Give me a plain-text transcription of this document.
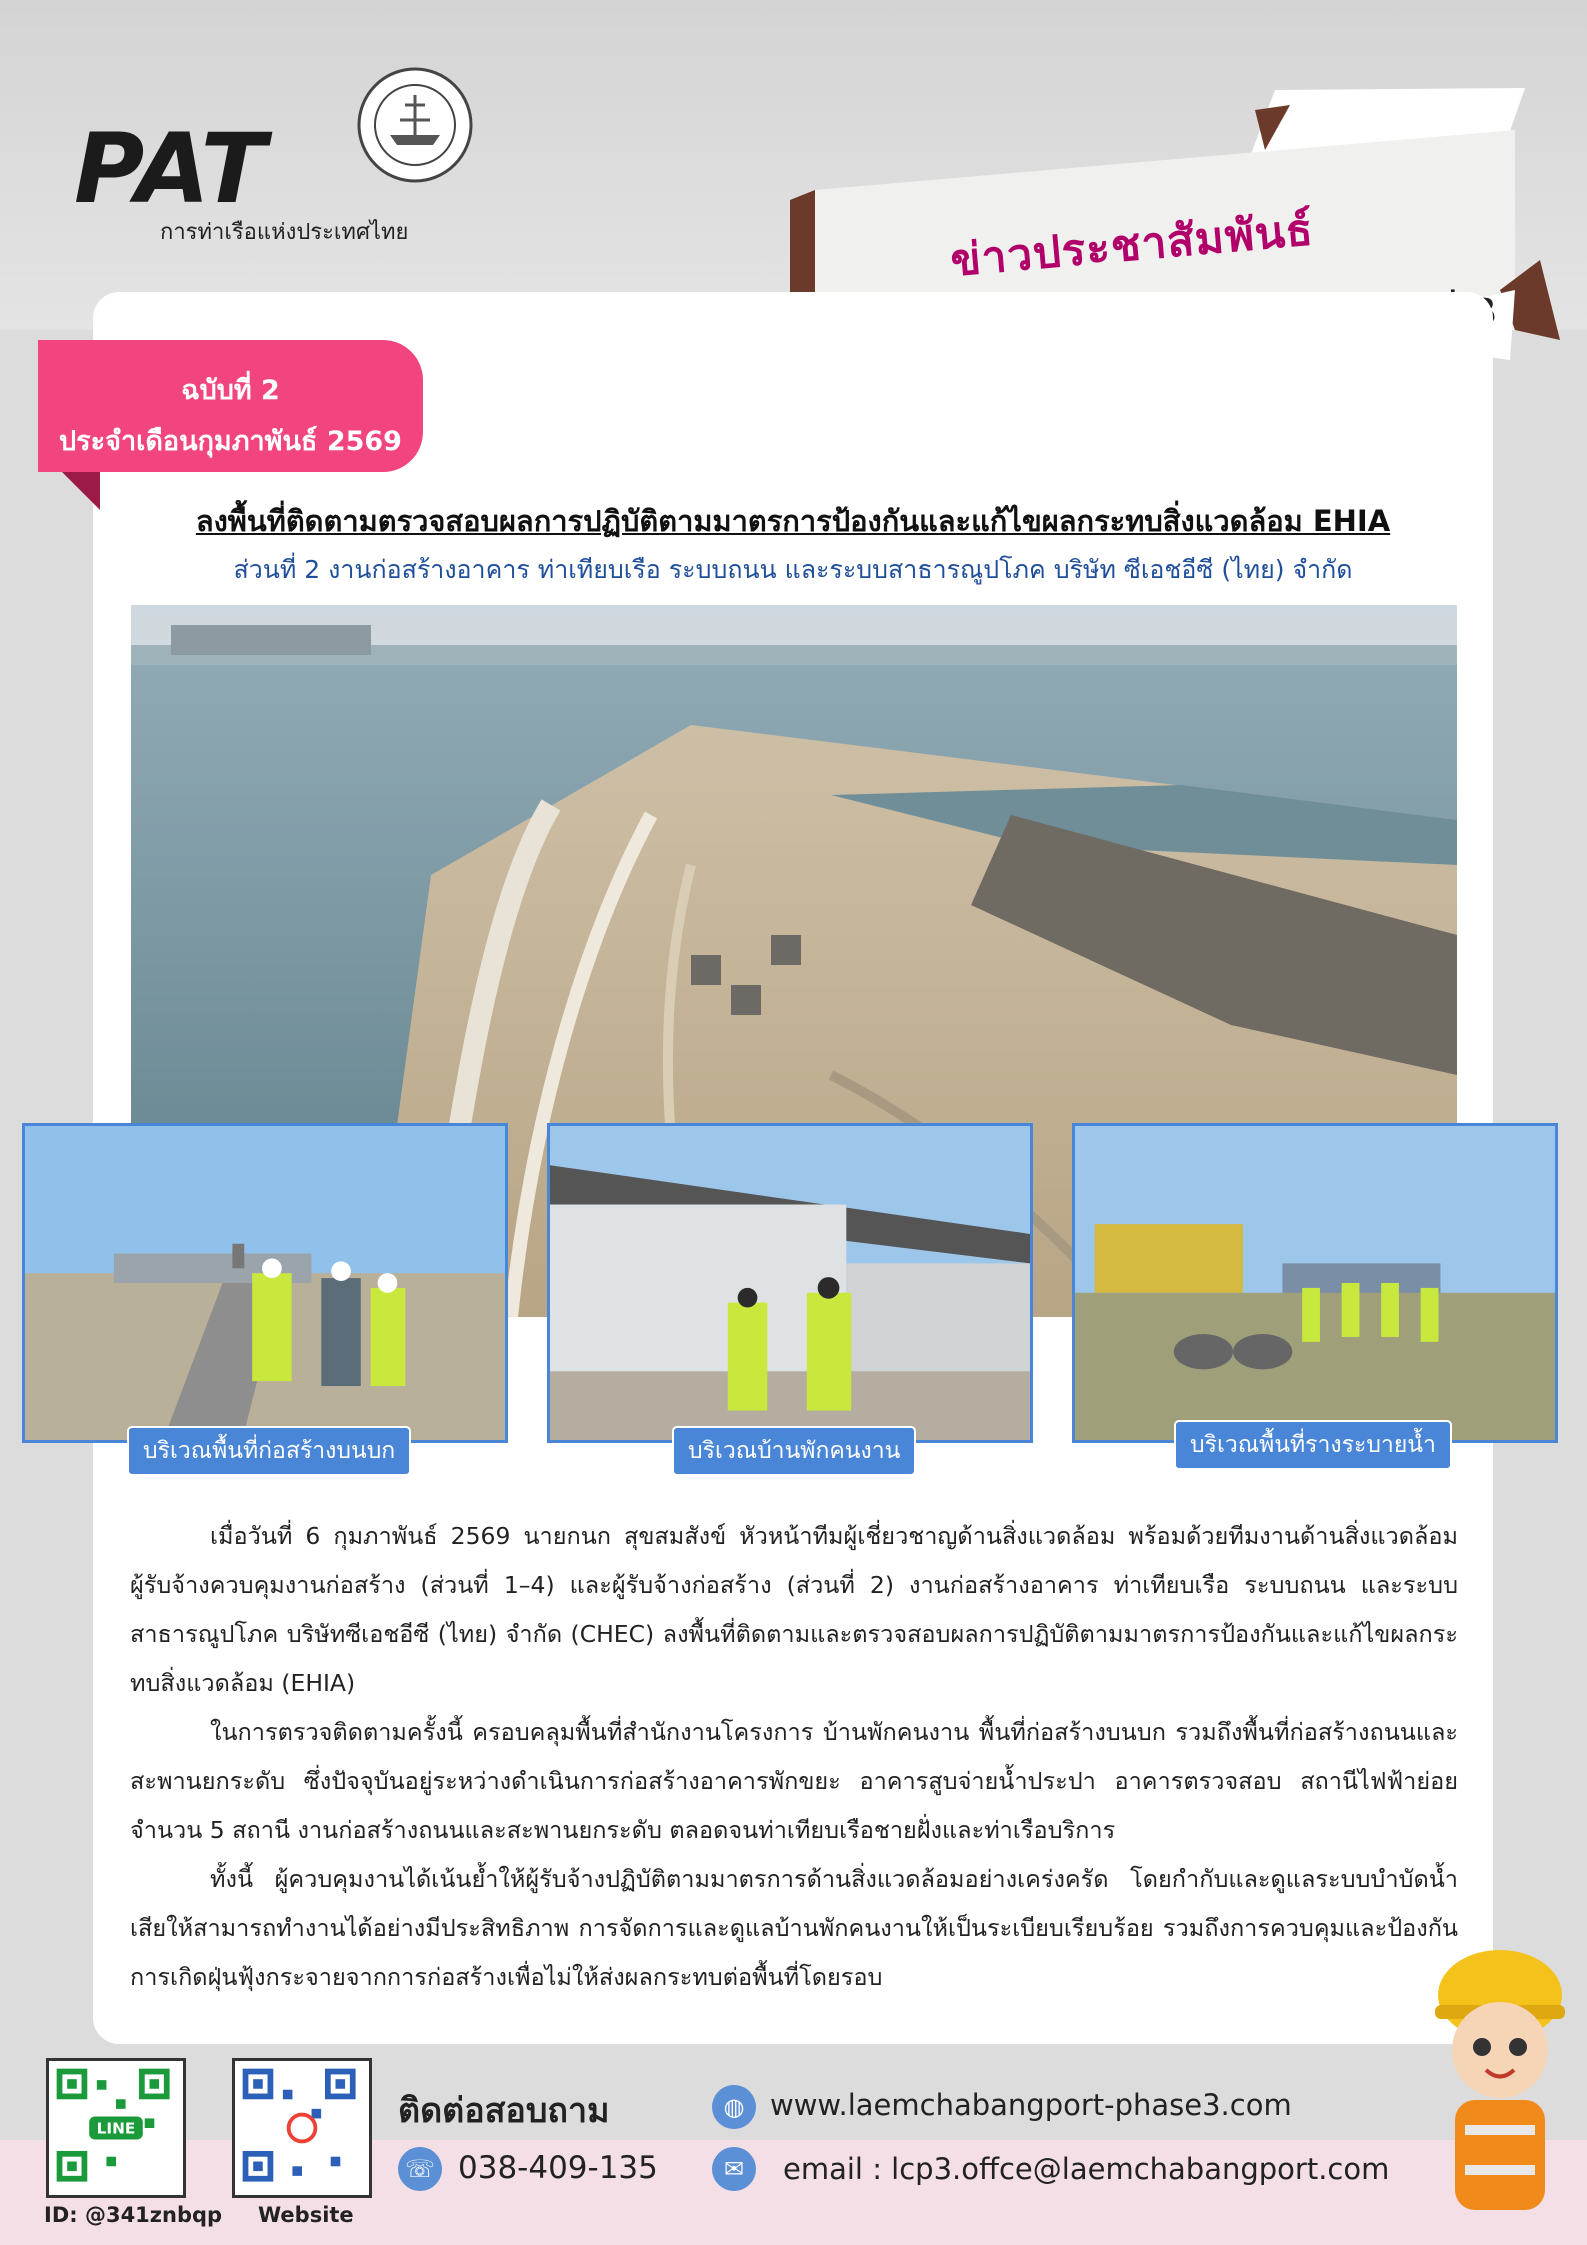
PAT
การท่าเรือแห่งประเทศไทย	ข่าวประชาสัมพันธ์
ฉบับที่ 2
ประจำเดือนกุมภาพันธ์ 2569
ลงพื้นที่ติดตามตรวจสอบผลการปฏิบัติตามมาตรการป้องกันและแก้ไขผลกระทบสิ่งแวดล้อม EHIA
ส่วนที่ 2 งานก่อสร้างอาคาร ท่าเทียบเรือ ระบบถนน และระบบสาธารณูปโภค บริษัท ซีเอชอีซี (ไทย) จำกัด
บริเวณพื้นที่ก่อสร้างบนบก	บริเวณบ้านพักคนงาน	บริเวณพื้นที่รางระบายน้ำ

เมื่อวันที่ 6 กุมภาพันธ์ 2569 นายกนก สุขสมสังข์ หัวหน้าทีมผู้เชี่ยวชาญด้านสิ่งแวดล้อม พร้อมด้วยทีมงานด้านสิ่งแวดล้อม ผู้รับจ้างควบคุมงานก่อสร้าง (ส่วนที่ 1–4) และผู้รับจ้างก่อสร้าง (ส่วนที่ 2) งานก่อสร้างอาคาร ท่าเทียบเรือ ระบบถนน และระบบสาธารณูปโภค บริษัทซีเอชอีซี (ไทย) จำกัด (CHEC) ลงพื้นที่ติดตามและตรวจสอบผลการปฏิบัติตามมาตรการป้องกันและแก้ไขผลกระทบสิ่งแวดล้อม (EHIA)

ในการตรวจติดตามครั้งนี้ ครอบคลุมพื้นที่สำนักงานโครงการ บ้านพักคนงาน พื้นที่ก่อสร้างบนบก รวมถึงพื้นที่ก่อสร้างถนนและสะพานยกระดับ ซึ่งปัจจุบันอยู่ระหว่างดำเนินการก่อสร้างอาคารพักขยะ อาคารสูบจ่ายน้ำประปา อาคารตรวจสอบ สถานีไฟฟ้าย่อย จำนวน 5 สถานี งานก่อสร้างถนนและสะพานยกระดับ ตลอดจนท่าเทียบเรือชายฝั่งและท่าเรือบริการ

ทั้งนี้ ผู้ควบคุมงานได้เน้นย้ำให้ผู้รับจ้างปฏิบัติตามมาตรการด้านสิ่งแวดล้อมอย่างเคร่งครัด โดยกำกับและดูแลระบบบำบัดน้ำเสียให้สามารถทำงานได้อย่างมีประสิทธิภาพ การจัดการและดูแลบ้านพักคนงานให้เป็นระเบียบเรียบร้อย รวมถึงการควบคุมและป้องกันการเกิดฝุ่นฟุ้งกระจายจากการก่อสร้างเพื่อไม่ให้ส่งผลกระทบต่อพื้นที่โดยรอบ

LINE
ID: @341znbqp Website
ติดต่อสอบถาม
☏ 038-409-135
◍ www.laemchabangport-phase3.com
✉	email : lcp3.offce@laemchabangport.com
